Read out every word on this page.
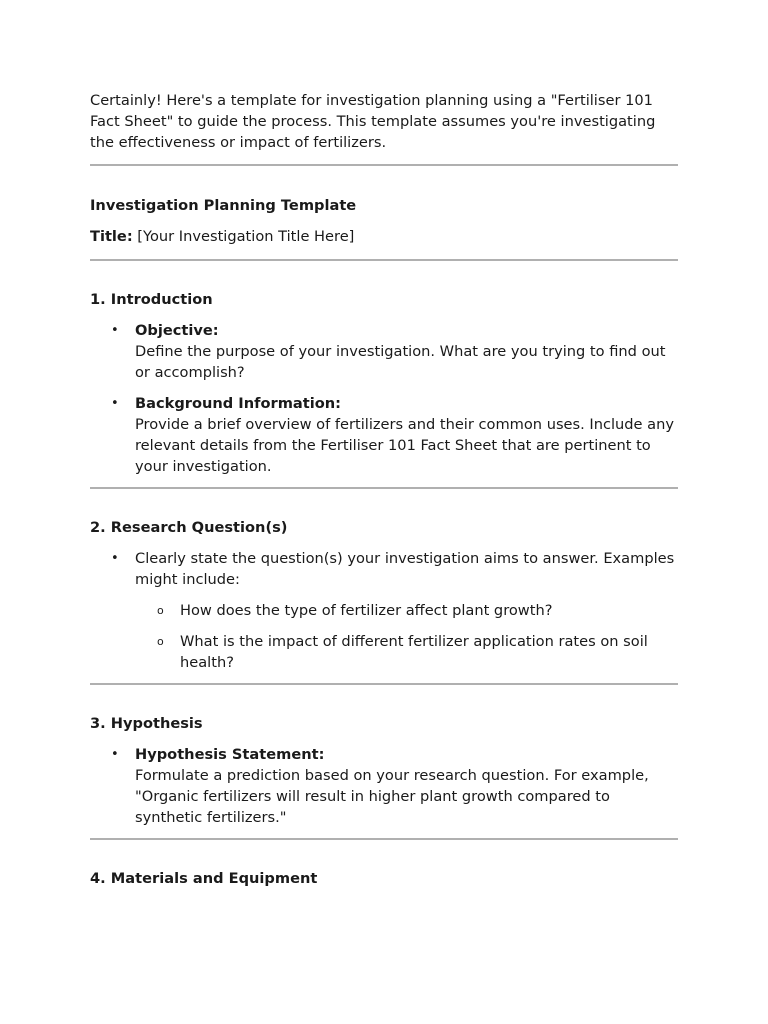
Certainly! Here's a template for investigation planning using a "Fertiliser 101 Fact Sheet" to guide the process. This template assumes you're investigating the effectiveness or impact of fertilizers.

Investigation Planning Template

Title: [Your Investigation Title Here]

1. Introduction

• Objective:
Define the purpose of your investigation. What are you trying to find out or accomplish?
• Background Information:
Provide a brief overview of fertilizers and their common uses. Include any relevant details from the Fertiliser 101 Fact Sheet that are pertinent to your investigation.

2. Research Question(s)

• Clearly state the question(s) your investigation aims to answer. Examples might include:
o How does the type of fertilizer affect plant growth?
o What is the impact of different fertilizer application rates on soil health?

3. Hypothesis

• Hypothesis Statement:
Formulate a prediction based on your research question. For example, "Organic fertilizers will result in higher plant growth compared to synthetic fertilizers."

4. Materials and Equipment
